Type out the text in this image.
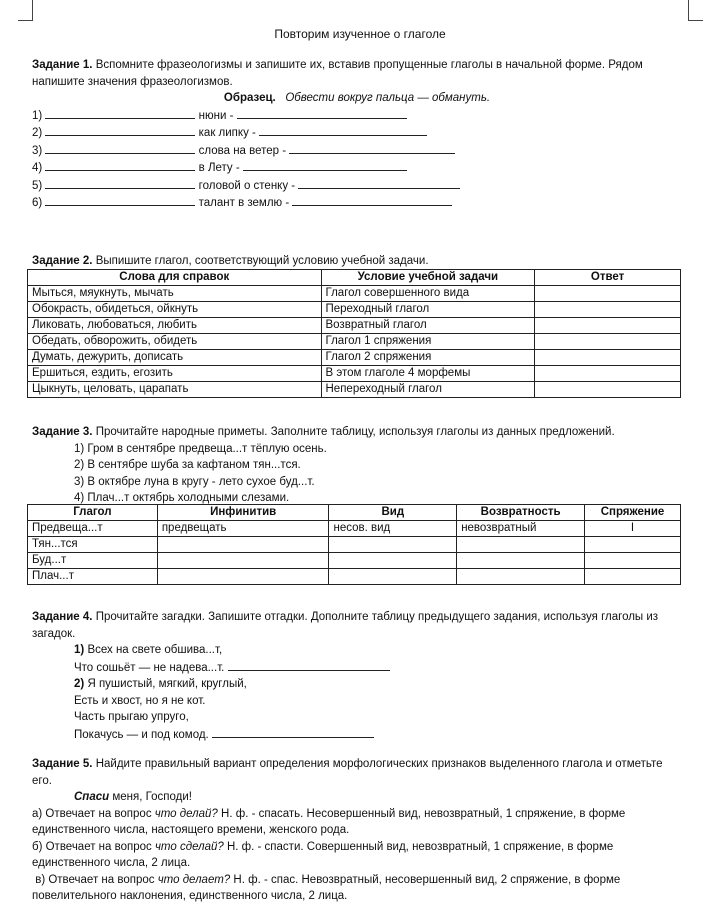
Повторим изученное о глаголе
Задание 1. Вспомните фразеологизмы и запишите их, вставив пропущенные глаголы в начальной форме. Рядом напишите значения фразеологизмов.
Образец. Обвести вокруг пальца — обмануть.
1)	нюни -
2)	как липку -
3)	слова на ветер -
4)	в Лету -
5)	головой о стенку -
6)	талант в землю -
Задание 2. Выпишите глагол, соответствующий условию учебной задачи.
Слова для справок	Условие учебной задачи	Ответ
Мыться, мяукнуть, мычать	Глагол совершенного вида	
Обокрасть, обидеться, ойкнуть	Переходный глагол	
Ликовать, любоваться, любить	Возвратный глагол	
Обедать, обворожить, обидеть	Глагол 1 спряжения	
Думать, дежурить, дописать	Глагол 2 спряжения	
Ершиться, ездить, егозить	В этом глаголе 4 морфемы	
Цыкнуть, целовать, царапать	Непереходный глагол	
Задание 3. Прочитайте народные приметы. Заполните таблицу, используя глаголы из данных предложений.
1) Гром в сентябре предвеща...т тёплую осень.
2) В сентябре шуба за кафтаном тян...тся.
3) В октябре луна в кругу - лето сухое буд...т.
4) Плач...т октябрь холодными слезами.
Глагол	Инфинитив	Вид	Возвратность	Спряжение
Предвеща...т	предвещать	несов. вид	невозвратный	I
Тян...тся				
Буд...т				
Плач...т				
Задание 4. Прочитайте загадки. Запишите отгадки. Дополните таблицу предыдущего задания, используя глаголы из загадок.
1) Всех на свете обшива...т,
Что сошьёт — не надева...т.
2) Я пушистый, мягкий, круглый,
Есть и хвост, но я не кот.
Часть прыгаю упруго,
Покачусь — и под комод.
Задание 5. Найдите правильный вариант определения морфологических признаков выделенного глагола и отметьте его.
Спаси меня, Господи!
а) Отвечает на вопрос что делай? Н. ф. - спасать. Несовершенный вид, невозвратный, 1 спряжение, в форме единственного числа, настоящего времени, женского рода.
б) Отвечает на вопрос что сделай? Н. ф. - спасти. Совершенный вид, невозвратный, 1 спряжение, в форме единственного числа, 2 лица.
в) Отвечает на вопрос что делает? Н. ф. - спас. Невозвратный, несовершенный вид, 2 спряжение, в форме повелительного наклонения, единственного числа, 2 лица.
